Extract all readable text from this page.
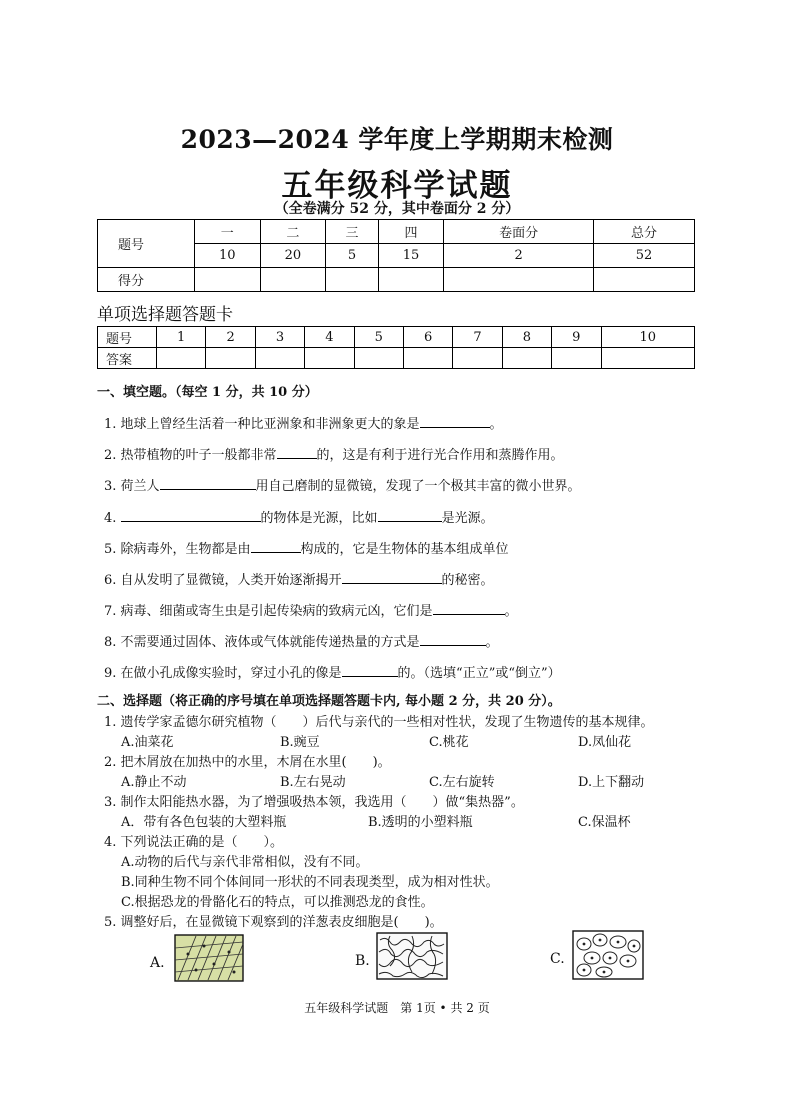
2023—2024 学年度上学期期末检测
五年级科学试题
（全卷满分 52 分，其中卷面分 2 分）
题号	一	二	三	四	卷面分	总分
	10	20	5	15	2	52
得分						
单项选择题答题卡
题号	1	2	3	4	5	6	7	8	9	10
答案										
一、填空题。（每空 1 分，共 10 分）
1. 地球上曾经生活着一种比亚洲象和非洲象更大的象是	。
2. 热带植物的叶子一般都非常	的，这是有利于进行光合作用和蒸腾作用。
3. 荷兰人	用自己磨制的显微镜，发现了一个极其丰富的微小世界。
4.	的物体是光源，比如	是光源。
5. 除病毒外，生物都是由	构成的，它是生物体的基本组成单位
6. 自从发明了显微镜，人类开始逐渐揭开	的秘密。
7. 病毒、细菌或寄生虫是引起传染病的致病元凶，它们是	。
8. 不需要通过固体、液体或气体就能传递热量的方式是	。
9. 在做小孔成像实验时，穿过小孔的像是	的。（选填“正立”或“倒立”）
二、选择题（将正确的序号填在单项选择题答题卡内, 每小题 2 分，共 20 分）。
1. 遗传学家孟德尔研究植物（　　）后代与亲代的一些相对性状，发现了生物遗传的基本规律。
A.油菜花	B.豌豆	C.桃花	D.凤仙花
2. 把木屑放在加热中的水里，木屑在水里(　　)。
A.静止不动	B.左右晃动	C.左右旋转	D.上下翻动
3. 制作太阳能热水器，为了增强吸热本领，我选用（　　）做“集热器”。
A．带有各色包装的大塑料瓶	B.透明的小塑料瓶	C.保温杯
4. 下列说法正确的是（　　）。
A.动物的后代与亲代非常相似，没有不同。
B.同种生物不同个体间同一形状的不同表现类型，成为相对性状。
C.根据恐龙的骨骼化石的特点，可以推测恐龙的食性。
5. 调整好后，在显微镜下观察到的洋葱表皮细胞是(　　)。
A.	B.	C.
五年级科学试题　第 1页 • 共 2 页
